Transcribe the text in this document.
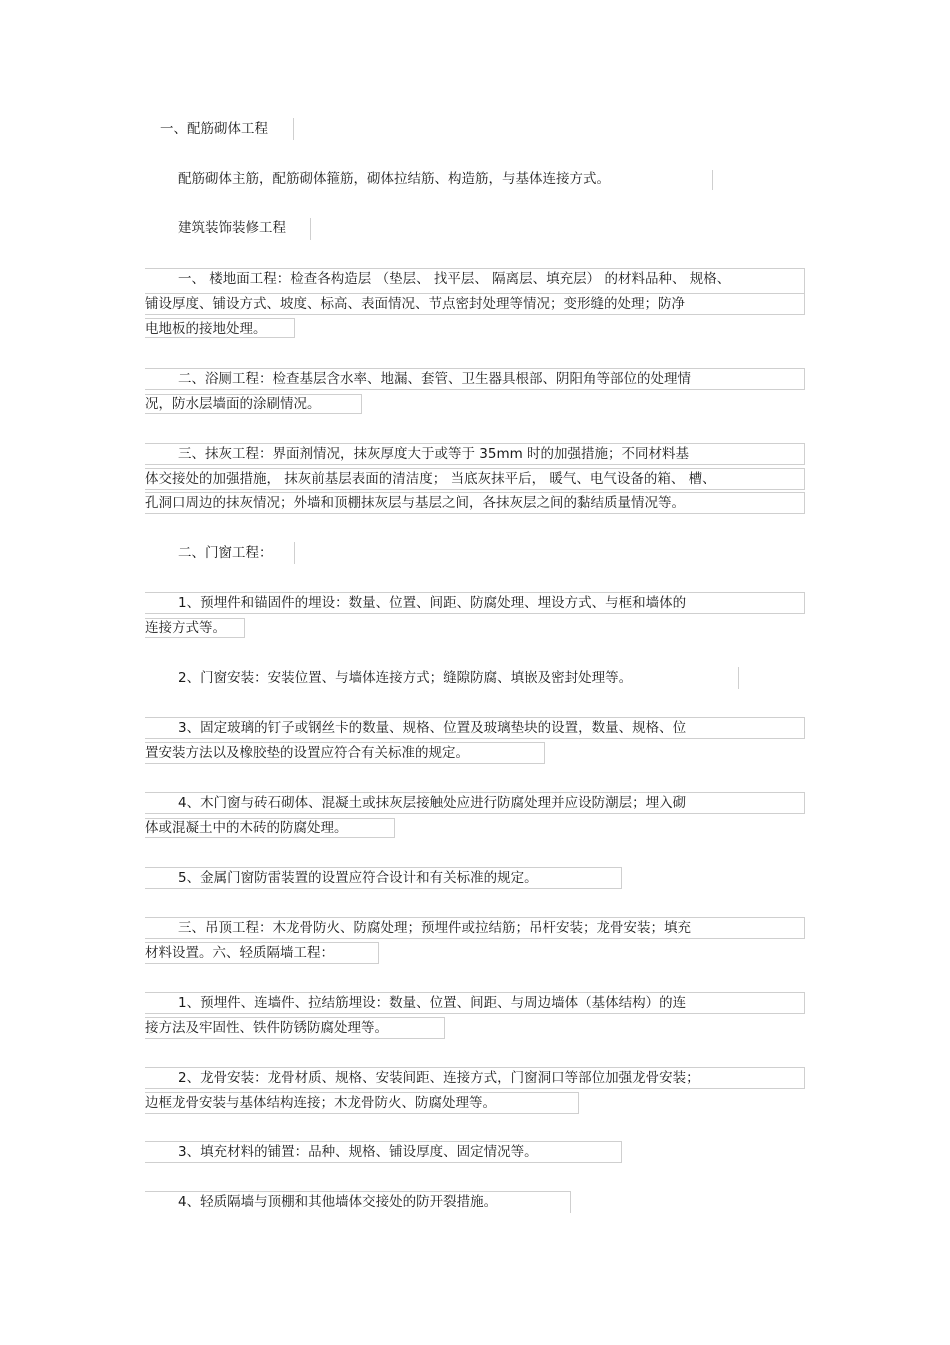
一、配筋砌体工程
配筋砌体主筋，配筋砌体箍筋，砌体拉结筋、构造筋，与基体连接方式。
建筑装饰装修工程
一、 楼地面工程：检查各构造层 （垫层、 找平层、 隔离层、填充层） 的材料品种、 规格、
铺设厚度、铺设方式、坡度、标高、表面情况、节点密封处理等情况；变形缝的处理；防净
电地板的接地处理。
二、浴厕工程：检查基层含水率、地漏、套管、卫生器具根部、阴阳角等部位的处理情
况，防水层墙面的涂刷情况。
三、抹灰工程：界面剂情况，抹灰厚度大于或等于 35mm 时的加强措施；不同材料基
体交接处的加强措施， 抹灰前基层表面的清洁度； 当底灰抹平后， 暖气、电气设备的箱、 槽、
孔洞口周边的抹灰情况；外墙和顶棚抹灰层与基层之间，各抹灰层之间的黏结质量情况等。
二、门窗工程：
1、预埋件和锚固件的埋设：数量、位置、间距、防腐处理、埋设方式、与框和墙体的
连接方式等。
2、门窗安装：安装位置、与墙体连接方式；缝隙防腐、填嵌及密封处理等。
3、固定玻璃的钉子或钢丝卡的数量、规格、位置及玻璃垫块的设置，数量、规格、位
置安装方法以及橡胶垫的设置应符合有关标准的规定。
4、木门窗与砖石砌体、混凝土或抹灰层接触处应进行防腐处理并应设防潮层；埋入砌
体或混凝土中的木砖的防腐处理。
5、金属门窗防雷装置的设置应符合设计和有关标准的规定。
三、吊顶工程：木龙骨防火、防腐处理；预埋件或拉结筋；吊杆安装；龙骨安装；填充
材料设置。六、轻质隔墙工程：
1、预埋件、连墙件、拉结筋埋设：数量、位置、间距、与周边墙体（基体结构）的连
接方法及牢固性、铁件防锈防腐处理等。
2、龙骨安装：龙骨材质、规格、安装间距、连接方式，门窗洞口等部位加强龙骨安装；
边框龙骨安装与基体结构连接；木龙骨防火、防腐处理等。
3、填充材料的铺置：品种、规格、铺设厚度、固定情况等。
4、轻质隔墙与顶棚和其他墙体交接处的防开裂措施。
